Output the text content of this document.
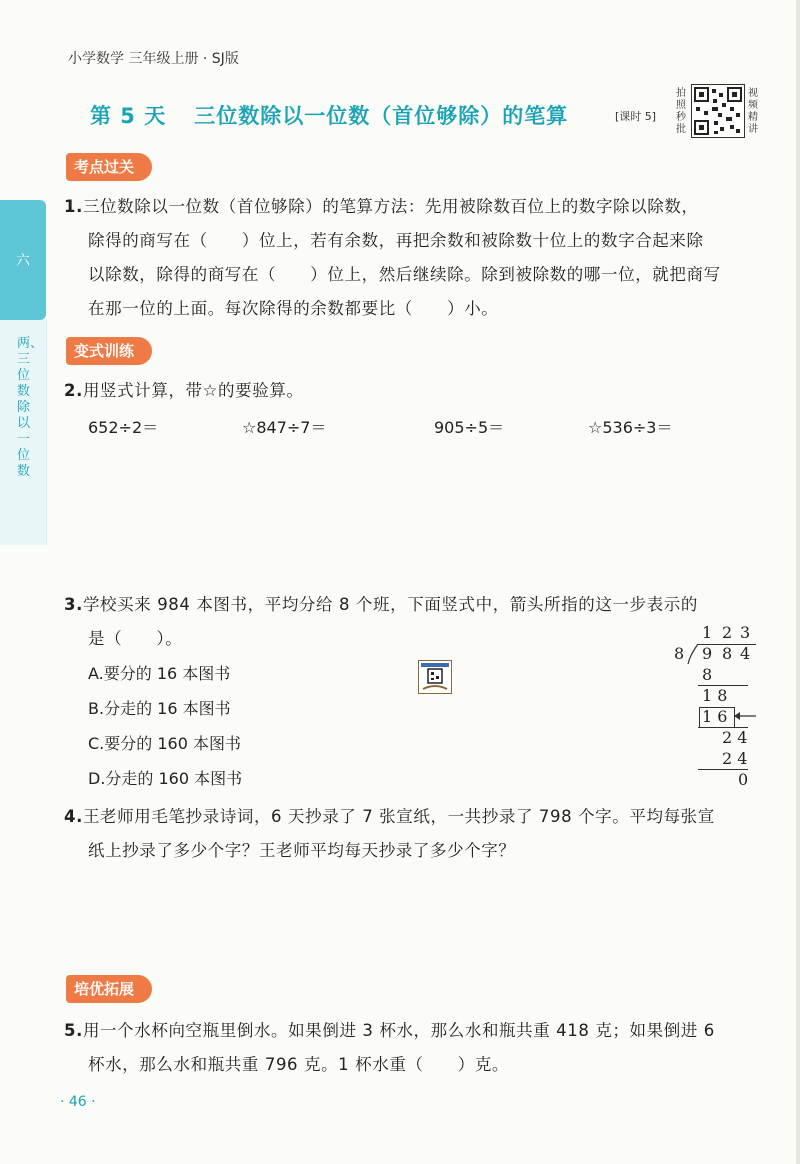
小学数学 三年级上册 · SJ版
第 5 天 三位数除以一位数（首位够除）的笔算	[课时 5]
拍照秒批
视频精讲
六
两、三位数除以一位数
考点过关
1.三位数除以一位数（首位够除）的笔算方法：先用被除数百位上的数字除以除数，
除得的商写在（　　）位上，若有余数，再把余数和被除数十位上的数字合起来除
以除数，除得的商写在（　　）位上，然后继续除。除到被除数的哪一位，就把商写
在那一位的上面。每次除得的余数都要比（　　）小。
变式训练
2.用竖式计算，带☆的要验算。
652÷2＝	☆847÷7＝	905÷5＝	☆536÷3＝
3.学校买来 984 本图书，平均分给 8 个班，下面竖式中，箭头所指的这一步表示的
是（　　）。
A.要分的 16 本图书
B.分走的 16 本图书
C.要分的 160 本图书
D.分走的 160 本图书
1 2 3
8 9 8 4
8
1 8
1 6
2 4
2 4
0
4.王老师用毛笔抄录诗词，6 天抄录了 7 张宣纸，一共抄录了 798 个字。平均每张宣
纸上抄录了多少个字？王老师平均每天抄录了多少个字？
培优拓展
5.用一个水杯向空瓶里倒水。如果倒进 3 杯水，那么水和瓶共重 418 克；如果倒进 6
杯水，那么水和瓶共重 796 克。1 杯水重（　　）克。
· 46 ·
